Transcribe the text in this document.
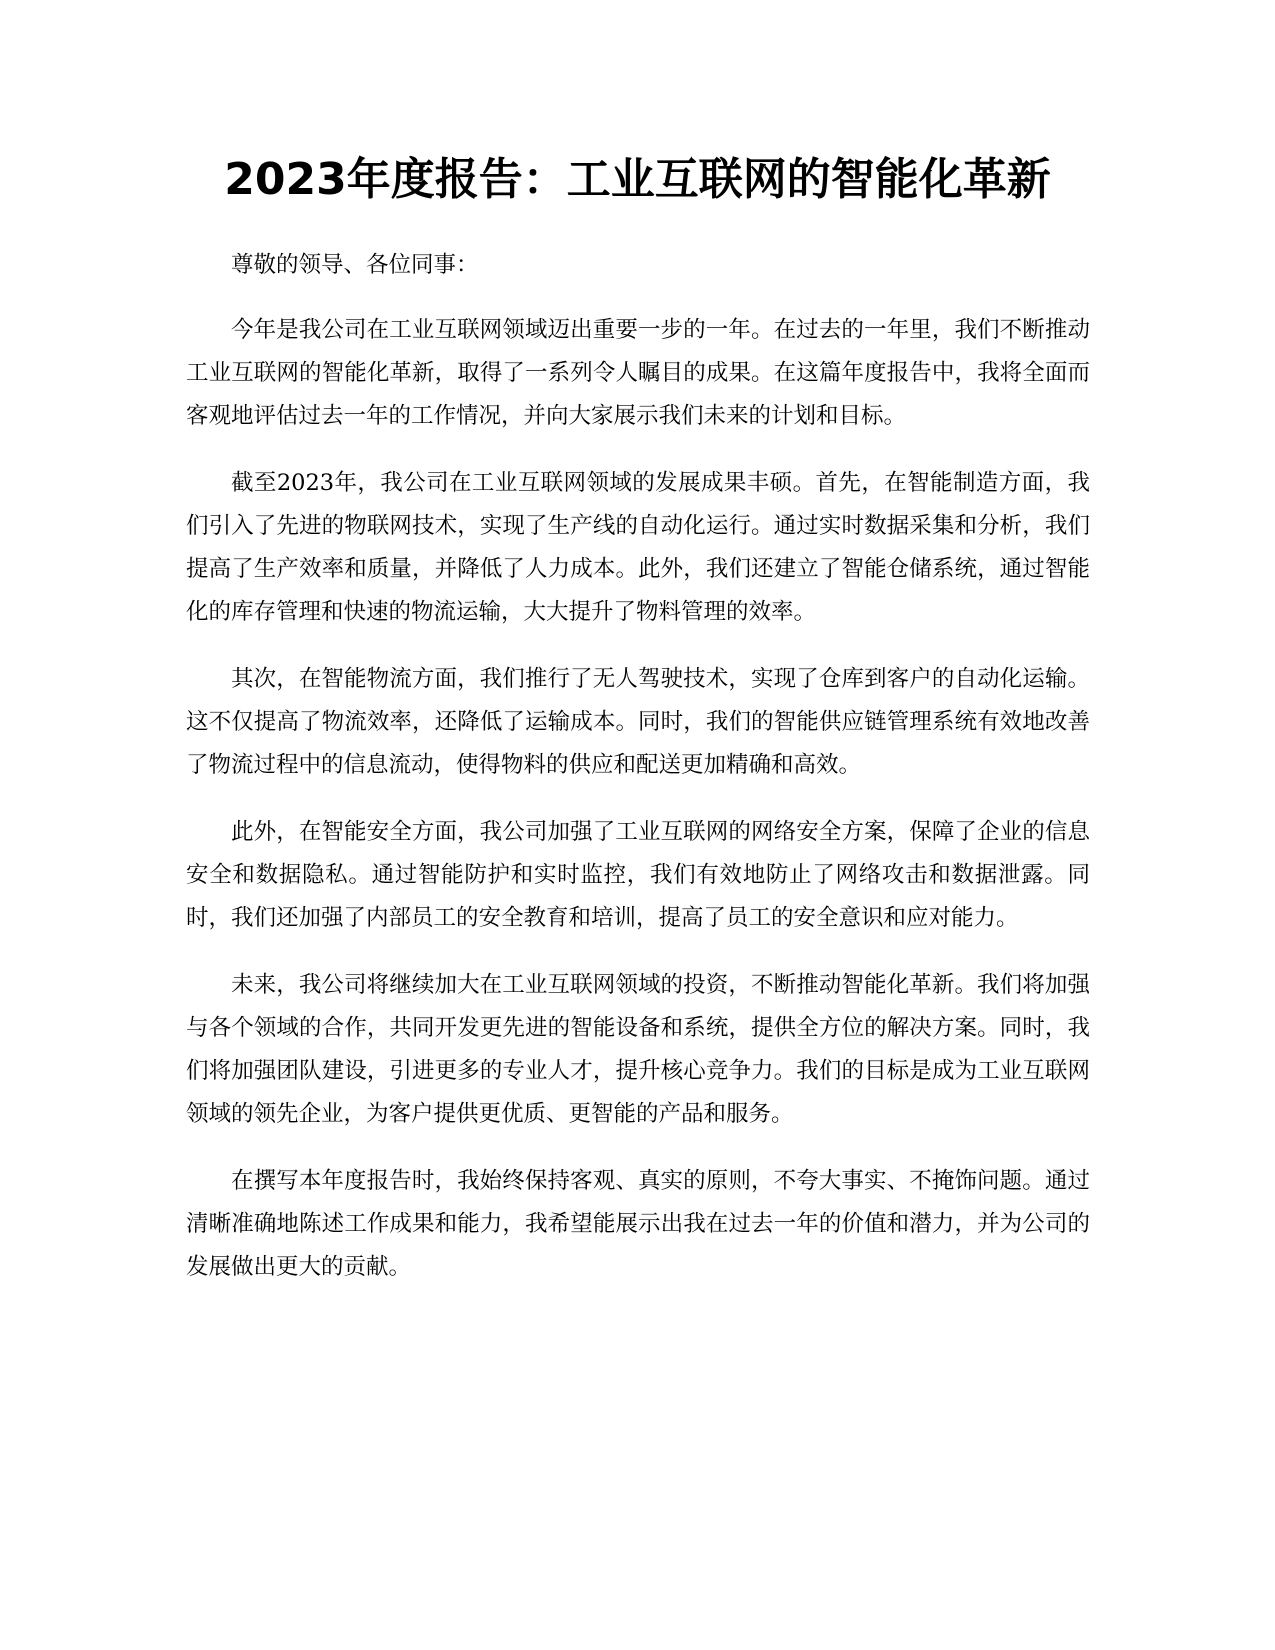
2023年度报告：工业互联网的智能化革新

尊敬的领导、各位同事：

今年是我公司在工业互联网领域迈出重要一步的一年。在过去的一年里，我们不断推动工业互联网的智能化革新，取得了一系列令人瞩目的成果。在这篇年度报告中，我将全面而客观地评估过去一年的工作情况，并向大家展示我们未来的计划和目标。

截至2023年，我公司在工业互联网领域的发展成果丰硕。首先，在智能制造方面，我们引入了先进的物联网技术，实现了生产线的自动化运行。通过实时数据采集和分析，我们提高了生产效率和质量，并降低了人力成本。此外，我们还建立了智能仓储系统，通过智能化的库存管理和快速的物流运输，大大提升了物料管理的效率。

其次，在智能物流方面，我们推行了无人驾驶技术，实现了仓库到客户的自动化运输。这不仅提高了物流效率，还降低了运输成本。同时，我们的智能供应链管理系统有效地改善了物流过程中的信息流动，使得物料的供应和配送更加精确和高效。

此外，在智能安全方面，我公司加强了工业互联网的网络安全方案，保障了企业的信息安全和数据隐私。通过智能防护和实时监控，我们有效地防止了网络攻击和数据泄露。同时，我们还加强了内部员工的安全教育和培训，提高了员工的安全意识和应对能力。

未来，我公司将继续加大在工业互联网领域的投资，不断推动智能化革新。我们将加强与各个领域的合作，共同开发更先进的智能设备和系统，提供全方位的解决方案。同时，我们将加强团队建设，引进更多的专业人才，提升核心竞争力。我们的目标是成为工业互联网领域的领先企业，为客户提供更优质、更智能的产品和服务。

在撰写本年度报告时，我始终保持客观、真实的原则，不夸大事实、不掩饰问题。通过清晰准确地陈述工作成果和能力，我希望能展示出我在过去一年的价值和潜力，并为公司的发展做出更大的贡献。
